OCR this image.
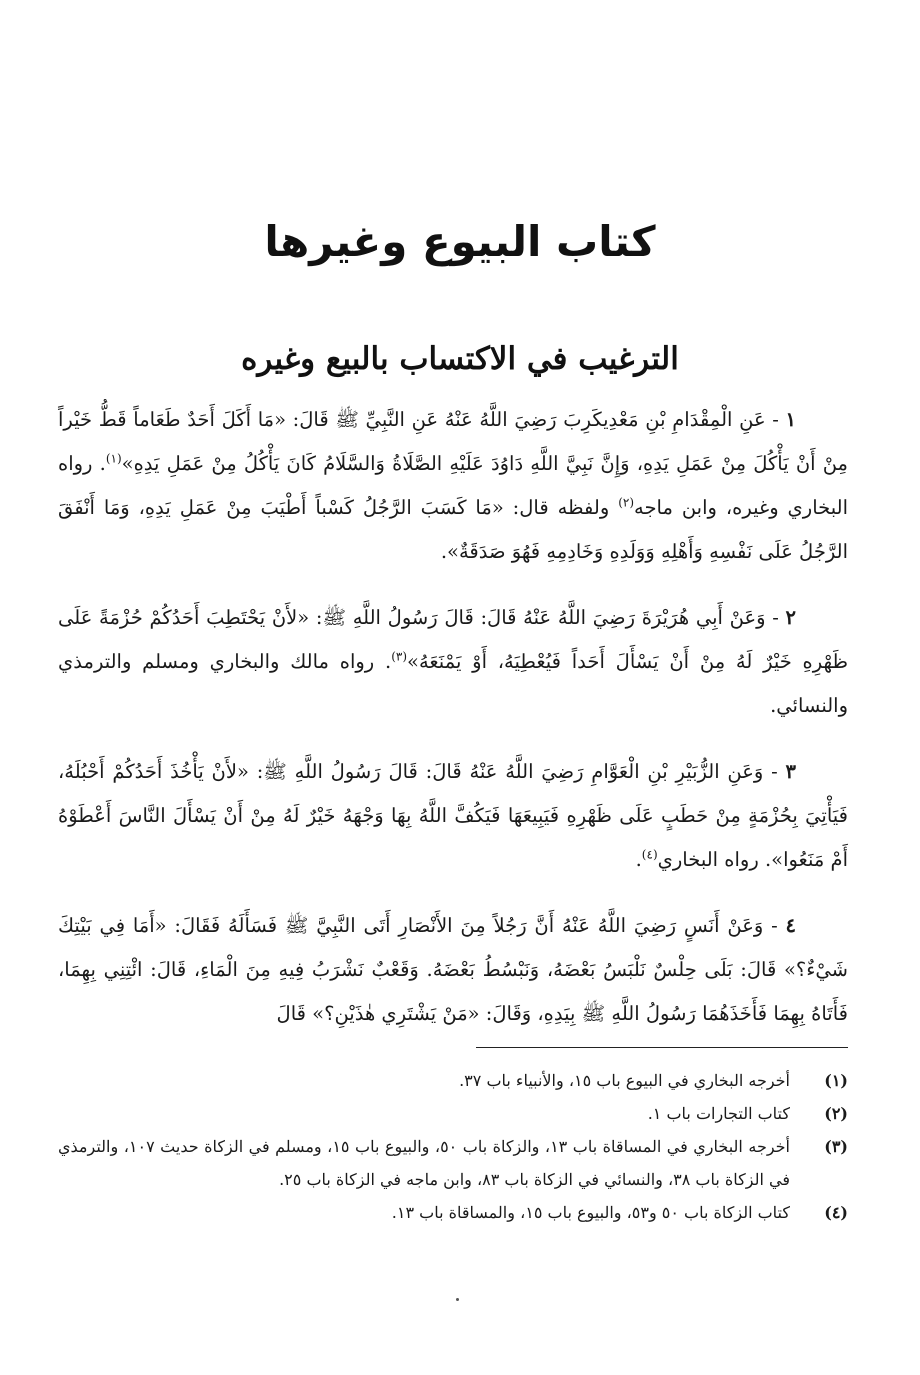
كتاب البيوع وغيرها
الترغيب في الاكتساب بالبيع وغيره

١ - عَنِ الْمِقْدَامِ بْنِ مَعْدِيكَرِبَ رَضِيَ اللَّهُ عَنْهُ عَنِ النَّبِيِّ ﷺ قَالَ: «مَا أَكَلَ أَحَدٌ طَعَاماً قَطُّ خَيْراً مِنْ أَنْ يَأْكُلَ مِنْ عَمَلِ يَدِهِ، وَإِنَّ نَبِيَّ اللَّهِ دَاوُدَ عَلَيْهِ الصَّلَاةُ وَالسَّلَامُ كَانَ يَأْكُلُ مِنْ عَمَلِ يَدِهِ»$^{(١)}$. رواه البخاري وغيره، وابن ماجه$^{(٢)}$ ولفظه قال: «مَا كَسَبَ الرَّجُلُ كَسْباً أَطْيَبَ مِنْ عَمَلِ يَدِهِ، وَمَا أَنْفَقَ الرَّجُلُ عَلَى نَفْسِهِ وَأَهْلِهِ وَوَلَدِهِ وَخَادِمِهِ فَهُوَ صَدَقَةٌ».

٢ - وَعَنْ أَبِي هُرَيْرَةَ رَضِيَ اللَّهُ عَنْهُ قَالَ: قَالَ رَسُولُ اللَّهِ ﷺ: «لأَنْ يَحْتَطِبَ أَحَدُكُمْ حُزْمَةً عَلَى ظَهْرِهِ خَيْرٌ لَهُ مِنْ أَنْ يَسْأَلَ أَحَداً فَيُعْطِيَهُ، أَوْ يَمْنَعَهُ»$^{(٣)}$. رواه مالك والبخاري ومسلم والترمذي والنسائي.

٣ - وَعَنِ الزُّبَيْرِ بْنِ الْعَوَّامِ رَضِيَ اللَّهُ عَنْهُ قَالَ: قَالَ رَسُولُ اللَّهِ ﷺ: «لأَنْ يَأْخُذَ أَحَدُكُمْ أَحْبُلَهُ، فَيَأْتِيَ بِحُزْمَةٍ مِنْ حَطَبٍ عَلَى ظَهْرِهِ فَيَبِيعَهَا فَيَكُفَّ اللَّهُ بِهَا وَجْهَهُ خَيْرٌ لَهُ مِنْ أَنْ يَسْأَلَ النَّاسَ أَعْطَوْهُ أَمْ مَنَعُوا». رواه البخاري$^{(٤)}$.

٤ - وَعَنْ أَنَسٍ رَضِيَ اللَّهُ عَنْهُ أَنَّ رَجُلاً مِنَ الأَنْصَارِ أَتَى النَّبِيَّ ﷺ فَسَأَلَهُ فَقَالَ: «أَمَا فِي بَيْتِكَ شَيْءٌ؟» قَالَ: بَلَى حِلْسٌ نَلْبَسُ بَعْضَهُ، وَنَبْسُطُ بَعْضَهُ. وَقَعْبٌ نَشْرَبُ فِيهِ مِنَ الْمَاءِ، قَالَ: ائْتِنِي بِهِمَا، فَأَتَاهُ بِهِمَا فَأَخَذَهُمَا رَسُولُ اللَّهِ ﷺ بِيَدِهِ، وَقَالَ: «مَنْ يَشْتَرِي هٰذَيْنِ؟» قَالَ

(١)
أخرجه البخاري في البيوع باب ١٥، والأنبياء باب ٣٧.
(٢)
كتاب التجارات باب ١.
(٣)
أخرجه البخاري في المساقاة باب ١٣، والزكاة باب ٥٠، والبيوع باب ١٥، ومسلم في الزكاة حديث ١٠٧، والترمذي في الزكاة باب ٣٨، والنسائي في الزكاة باب ٨٣، وابن ماجه في الزكاة باب ٢٥.
(٤)
كتاب الزكاة باب ٥٠ و٥٣، والبيوع باب ١٥، والمساقاة باب ١٣.
